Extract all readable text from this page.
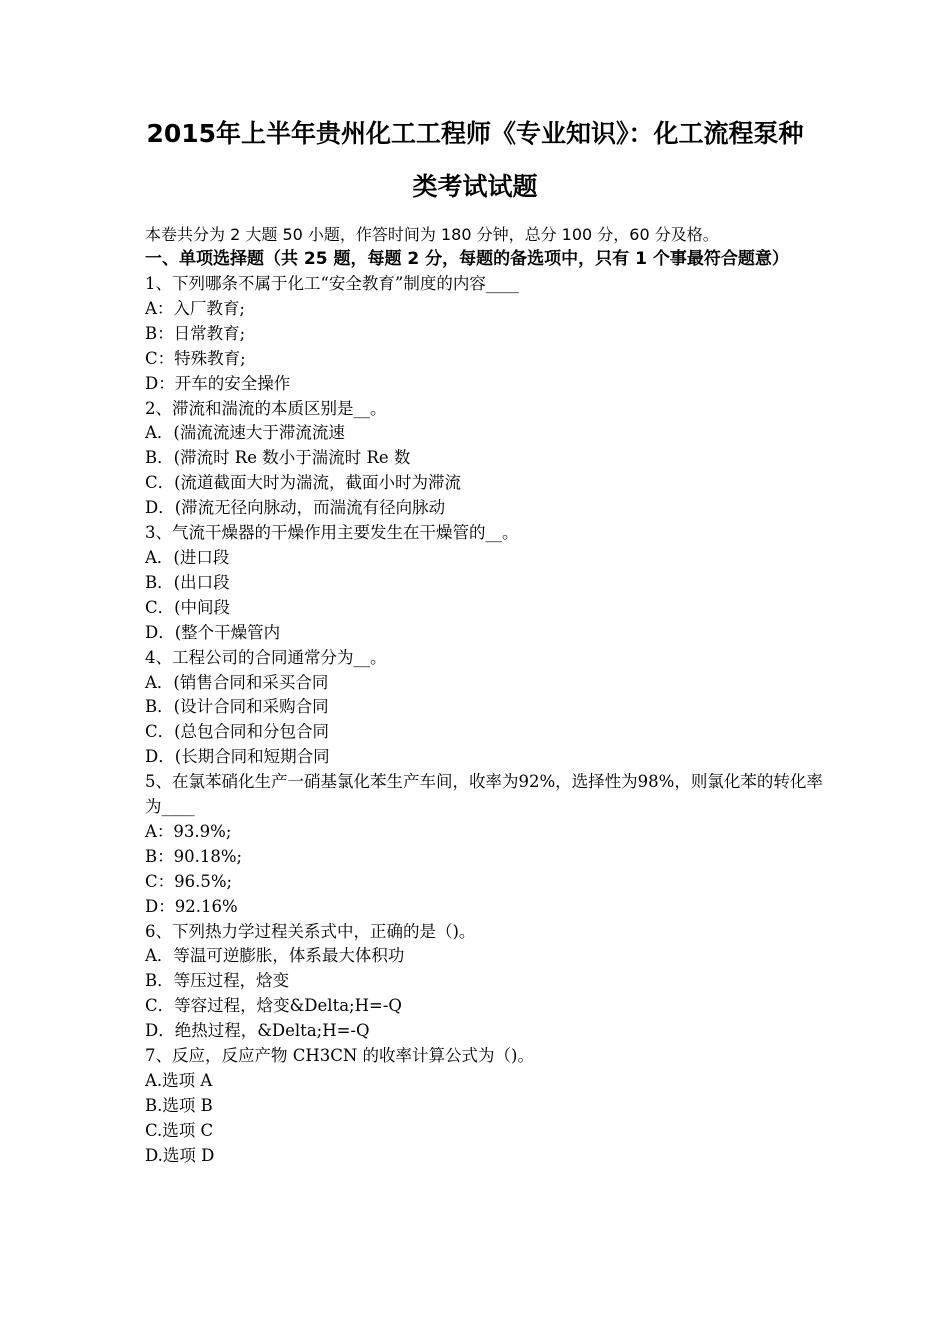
2015年上半年贵州化工工程师《专业知识》：化工流程泵种
类考试试题
本卷共分为 2 大题 50 小题，作答时间为 180 分钟，总分 100 分，60 分及格。
一、单项选择题（共 25 题，每题 2 分，每题的备选项中，只有 1 个事最符合题意）
1、下列哪条不属于化工“安全教育”制度的内容____
A：入厂教育;
B：日常教育;
C：特殊教育;
D：开车的安全操作
2、滞流和湍流的本质区别是__。
A．(湍流流速大于滞流流速
B．(滞流时 Re 数小于湍流时 Re 数
C．(流道截面大时为湍流，截面小时为滞流
D．(滞流无径向脉动，而湍流有径向脉动
3、气流干燥器的干燥作用主要发生在干燥管的__。
A．(进口段
B．(出口段
C．(中间段
D．(整个干燥管内
4、工程公司的合同通常分为__。
A．(销售合同和采买合同
B．(设计合同和采购合同
C．(总包合同和分包合同
D．(长期合同和短期合同
5、在氯苯硝化生产一硝基氯化苯生产车间，收率为92%，选择性为98%，则氯化苯的转化率为____
A：93.9%;
B：90.18%;
C：96.5%;
D：92.16%
6、下列热力学过程关系式中，正确的是（)。
A．等温可逆膨胀，体系最大体积功
B．等压过程，焓变
C．等容过程，焓变&Delta;H=-Q
D．绝热过程，&Delta;H=-Q
7、反应，反应产物 CH3CN 的收率计算公式为（)。
A.选项 A
B.选项 B
C.选项 C
D.选项 D
